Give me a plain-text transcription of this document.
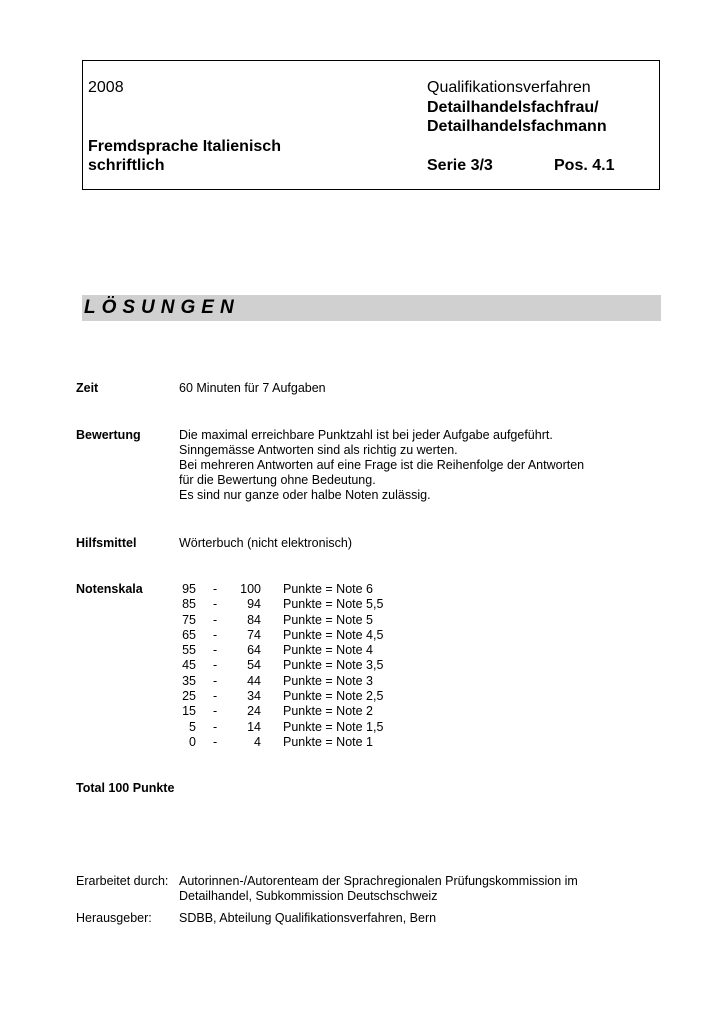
2008	Qualifikationsverfahren
Detailhandelsfachfrau/
Detailhandelsfachmann
Fremdsprache Italienisch
schriftlich	Serie 3/3	Pos. 4.1
LÖSUNGEN
Zeit	60 Minuten für 7 Aufgaben
Bewertung	Die maximal erreichbare Punktzahl ist bei jeder Aufgabe aufgeführt.
Sinngemässe Antworten sind als richtig zu werten.
Bei mehreren Antworten auf eine Frage ist die Reihenfolge der Antworten
für die Bewertung ohne Bedeutung.
Es sind nur ganze oder halbe Noten zulässig.
Hilfsmittel	Wörterbuch (nicht elektronisch)
Notenskala	95 -	100 Punkte = Note 6
85 -	94 Punkte = Note 5,5
75 -	84 Punkte = Note 5
65 -	74 Punkte = Note 4,5
55 -	64 Punkte = Note 4
45 -	54 Punkte = Note 3,5
35 -	44 Punkte = Note 3
25 -	34 Punkte = Note 2,5
15 -	24 Punkte = Note 2
5 -	14 Punkte = Note 1,5
0 -	4 Punkte = Note 1
Total 100 Punkte
Erarbeitet durch: Autorinnen-/Autorenteam der Sprachregionalen Prüfungskommission im
Detailhandel, Subkommission Deutschschweiz
Herausgeber: SDBB, Abteilung Qualifikationsverfahren, Bern
